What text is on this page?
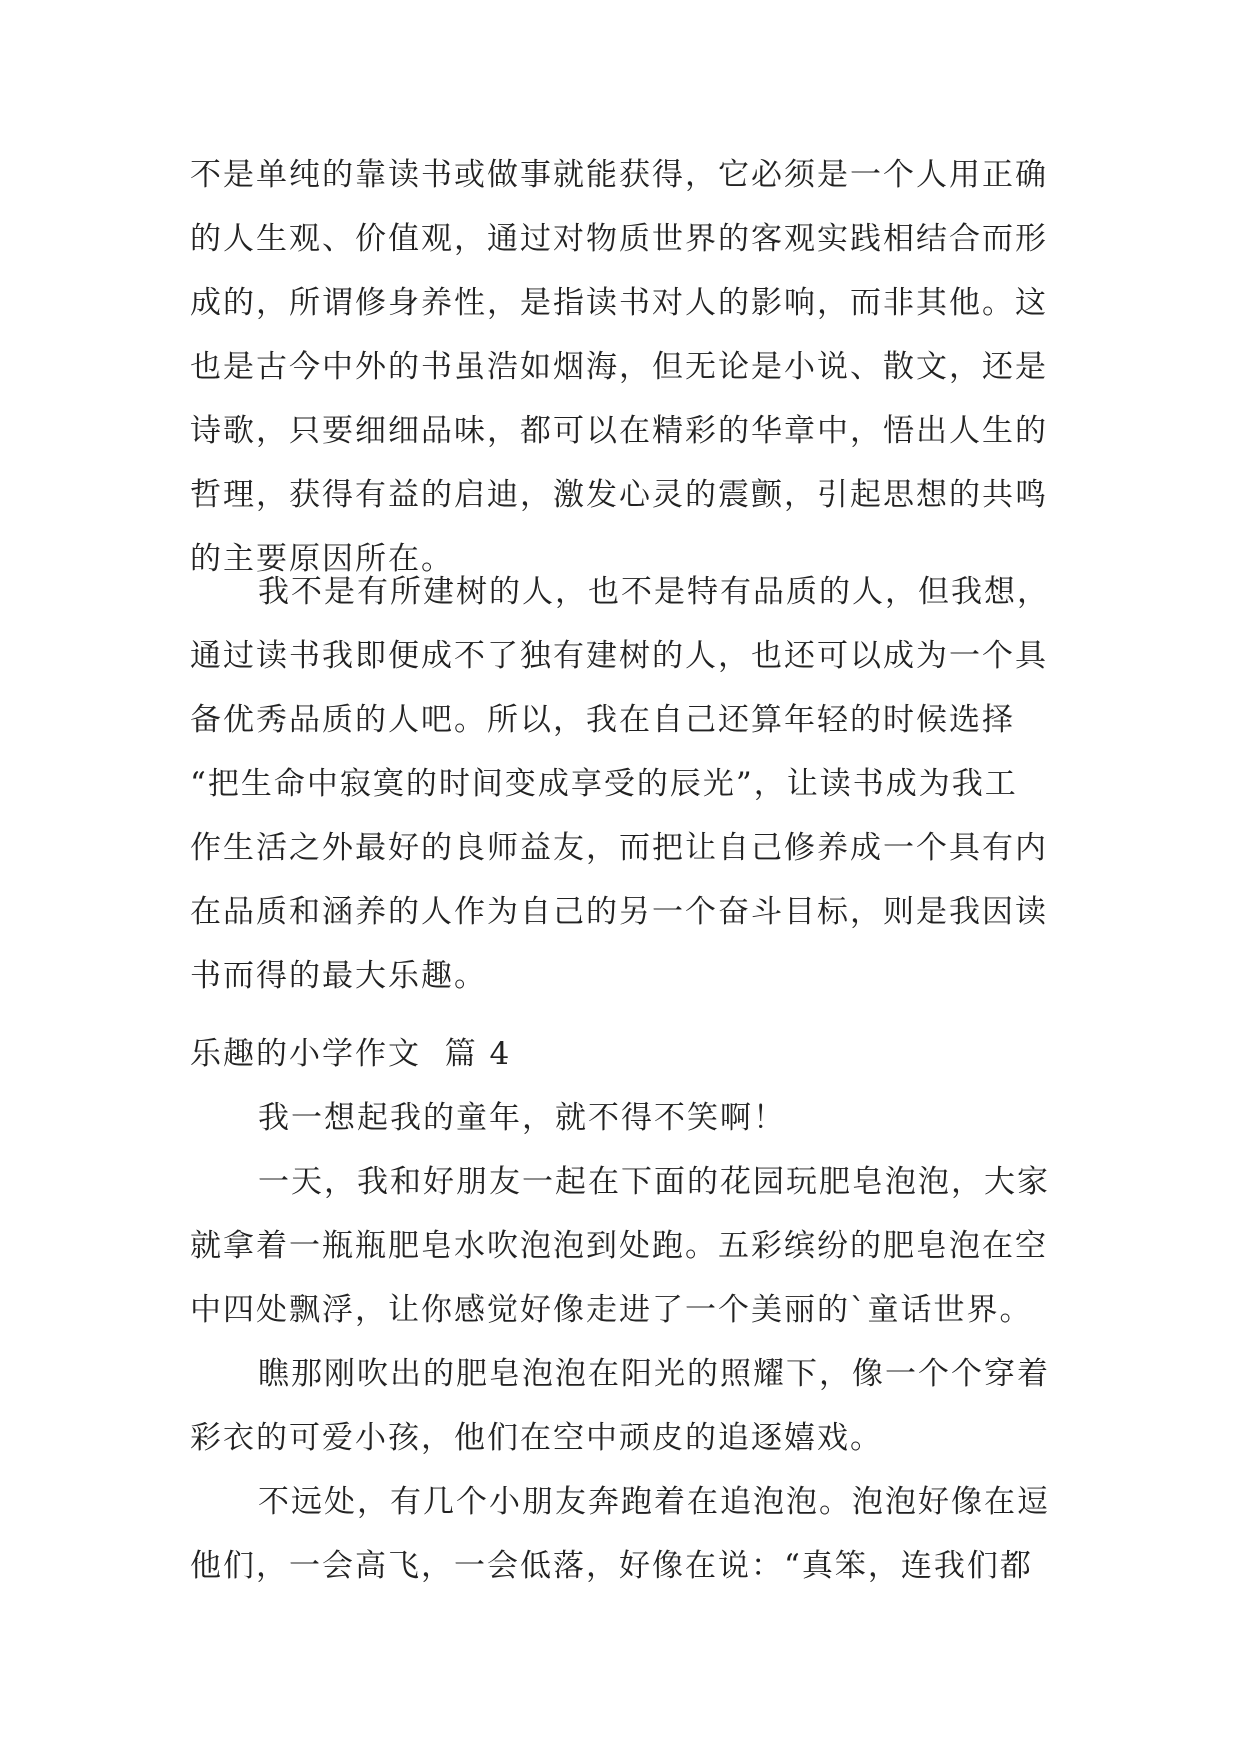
不是单纯的靠读书或做事就能获得，它必须是一个人用正确
的人生观、价值观，通过对物质世界的客观实践相结合而形
成的，所谓修身养性，是指读书对人的影响，而非其他。这
也是古今中外的书虽浩如烟海，但无论是小说、散文，还是
诗歌，只要细细品味，都可以在精彩的华章中，悟出人生的
哲理，获得有益的启迪，激发心灵的震颤，引起思想的共鸣
的主要原因所在。
我不是有所建树的人，也不是特有品质的人，但我想，
通过读书我即便成不了独有建树的人，也还可以成为一个具
备优秀品质的人吧。所以，我在自己还算年轻的时候选择
“把生命中寂寞的时间变成享受的辰光”，让读书成为我工
作生活之外最好的良师益友，而把让自己修养成一个具有内
在品质和涵养的人作为自己的另一个奋斗目标，则是我因读
书而得的最大乐趣。
乐趣的小学作文  篇 4
我一想起我的童年，就不得不笑啊！
一天，我和好朋友一起在下面的花园玩肥皂泡泡，大家
就拿着一瓶瓶肥皂水吹泡泡到处跑。五彩缤纷的肥皂泡在空
中四处飘浮，让你感觉好像走进了一个美丽的`童话世界。
瞧那刚吹出的肥皂泡泡在阳光的照耀下，像一个个穿着
彩衣的可爱小孩，他们在空中顽皮的追逐嬉戏。
不远处，有几个小朋友奔跑着在追泡泡。泡泡好像在逗
他们，一会高飞，一会低落，好像在说：“真笨，连我们都
